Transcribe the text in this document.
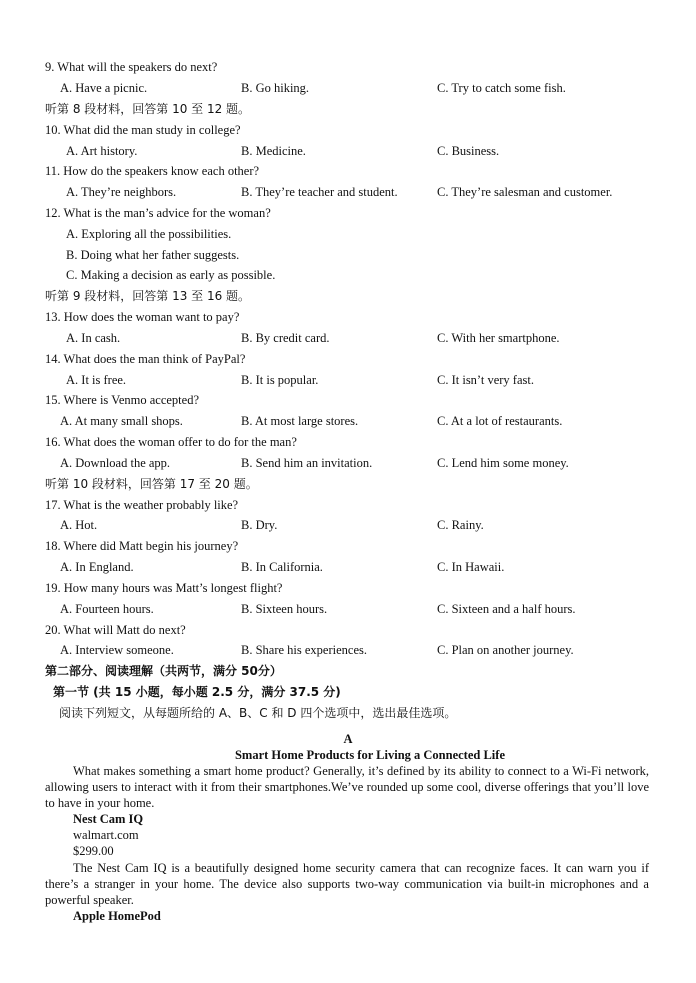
9. What will the speakers do next?
A. Have a picnic.	B. Go hiking.	C. Try to catch some fish.
听第 8 段材料，回答第 10 至 12 题。
10. What did the man study in college?
A. Art history.	B. Medicine.	C. Business.
11. How do the speakers know each other?
A. They’re neighbors.	B. They’re teacher and student.	C. They’re salesman and customer.
12. What is the man’s advice for the woman?
A. Exploring all the possibilities.
B. Doing what her father suggests.
C. Making a decision as early as possible.
听第 9 段材料，回答第 13 至 16 题。
13. How does the woman want to pay?
A. In cash.	B. By credit card.	C. With her smartphone.
14. What does the man think of PayPal?
A. It is free.	B. It is popular.	C. It isn’t very fast.
15. Where is Venmo accepted?
A. At many small shops.	B. At most large stores.	C. At a lot of restaurants.
16. What does the woman offer to do for the man?
A. Download the app.	B. Send him an invitation.	C. Lend him some money.
听第 10 段材料，回答第 17 至 20 题。
17. What is the weather probably like?
A. Hot.	B. Dry.	C. Rainy.
18. Where did Matt begin his journey?
A. In England.	B. In California.	C. In Hawaii.
19. How many hours was Matt’s longest flight?
A. Fourteen hours.	B. Sixteen hours.	C. Sixteen and a half hours.
20. What will Matt do next?
A. Interview someone.	B. Share his experiences.	C. Plan on another journey.
第二部分、阅读理解（共两节，满分 50分）
第一节 (共 15 小题，每小题 2.5 分，满分 37.5 分)
阅读下列短文，从每题所给的 A、B、C 和 D 四个选项中，选出最佳选项。
A
Smart Home Products for Living a Connected Life
What makes something a smart home product? Generally, it’s defined by its ability to connect to a Wi-Fi network, allowing users to interact with it from their smartphones.We’ve rounded up some cool, diverse offerings that you’ll love to have in your home.
Nest Cam IQ
walmart.com
$299.00
The Nest Cam IQ is a beautifully designed home security camera that can recognize faces. It can warn you if there’s a stranger in your home. The device also supports two-way communication via built-in microphones and a powerful speaker.
Apple HomePod
